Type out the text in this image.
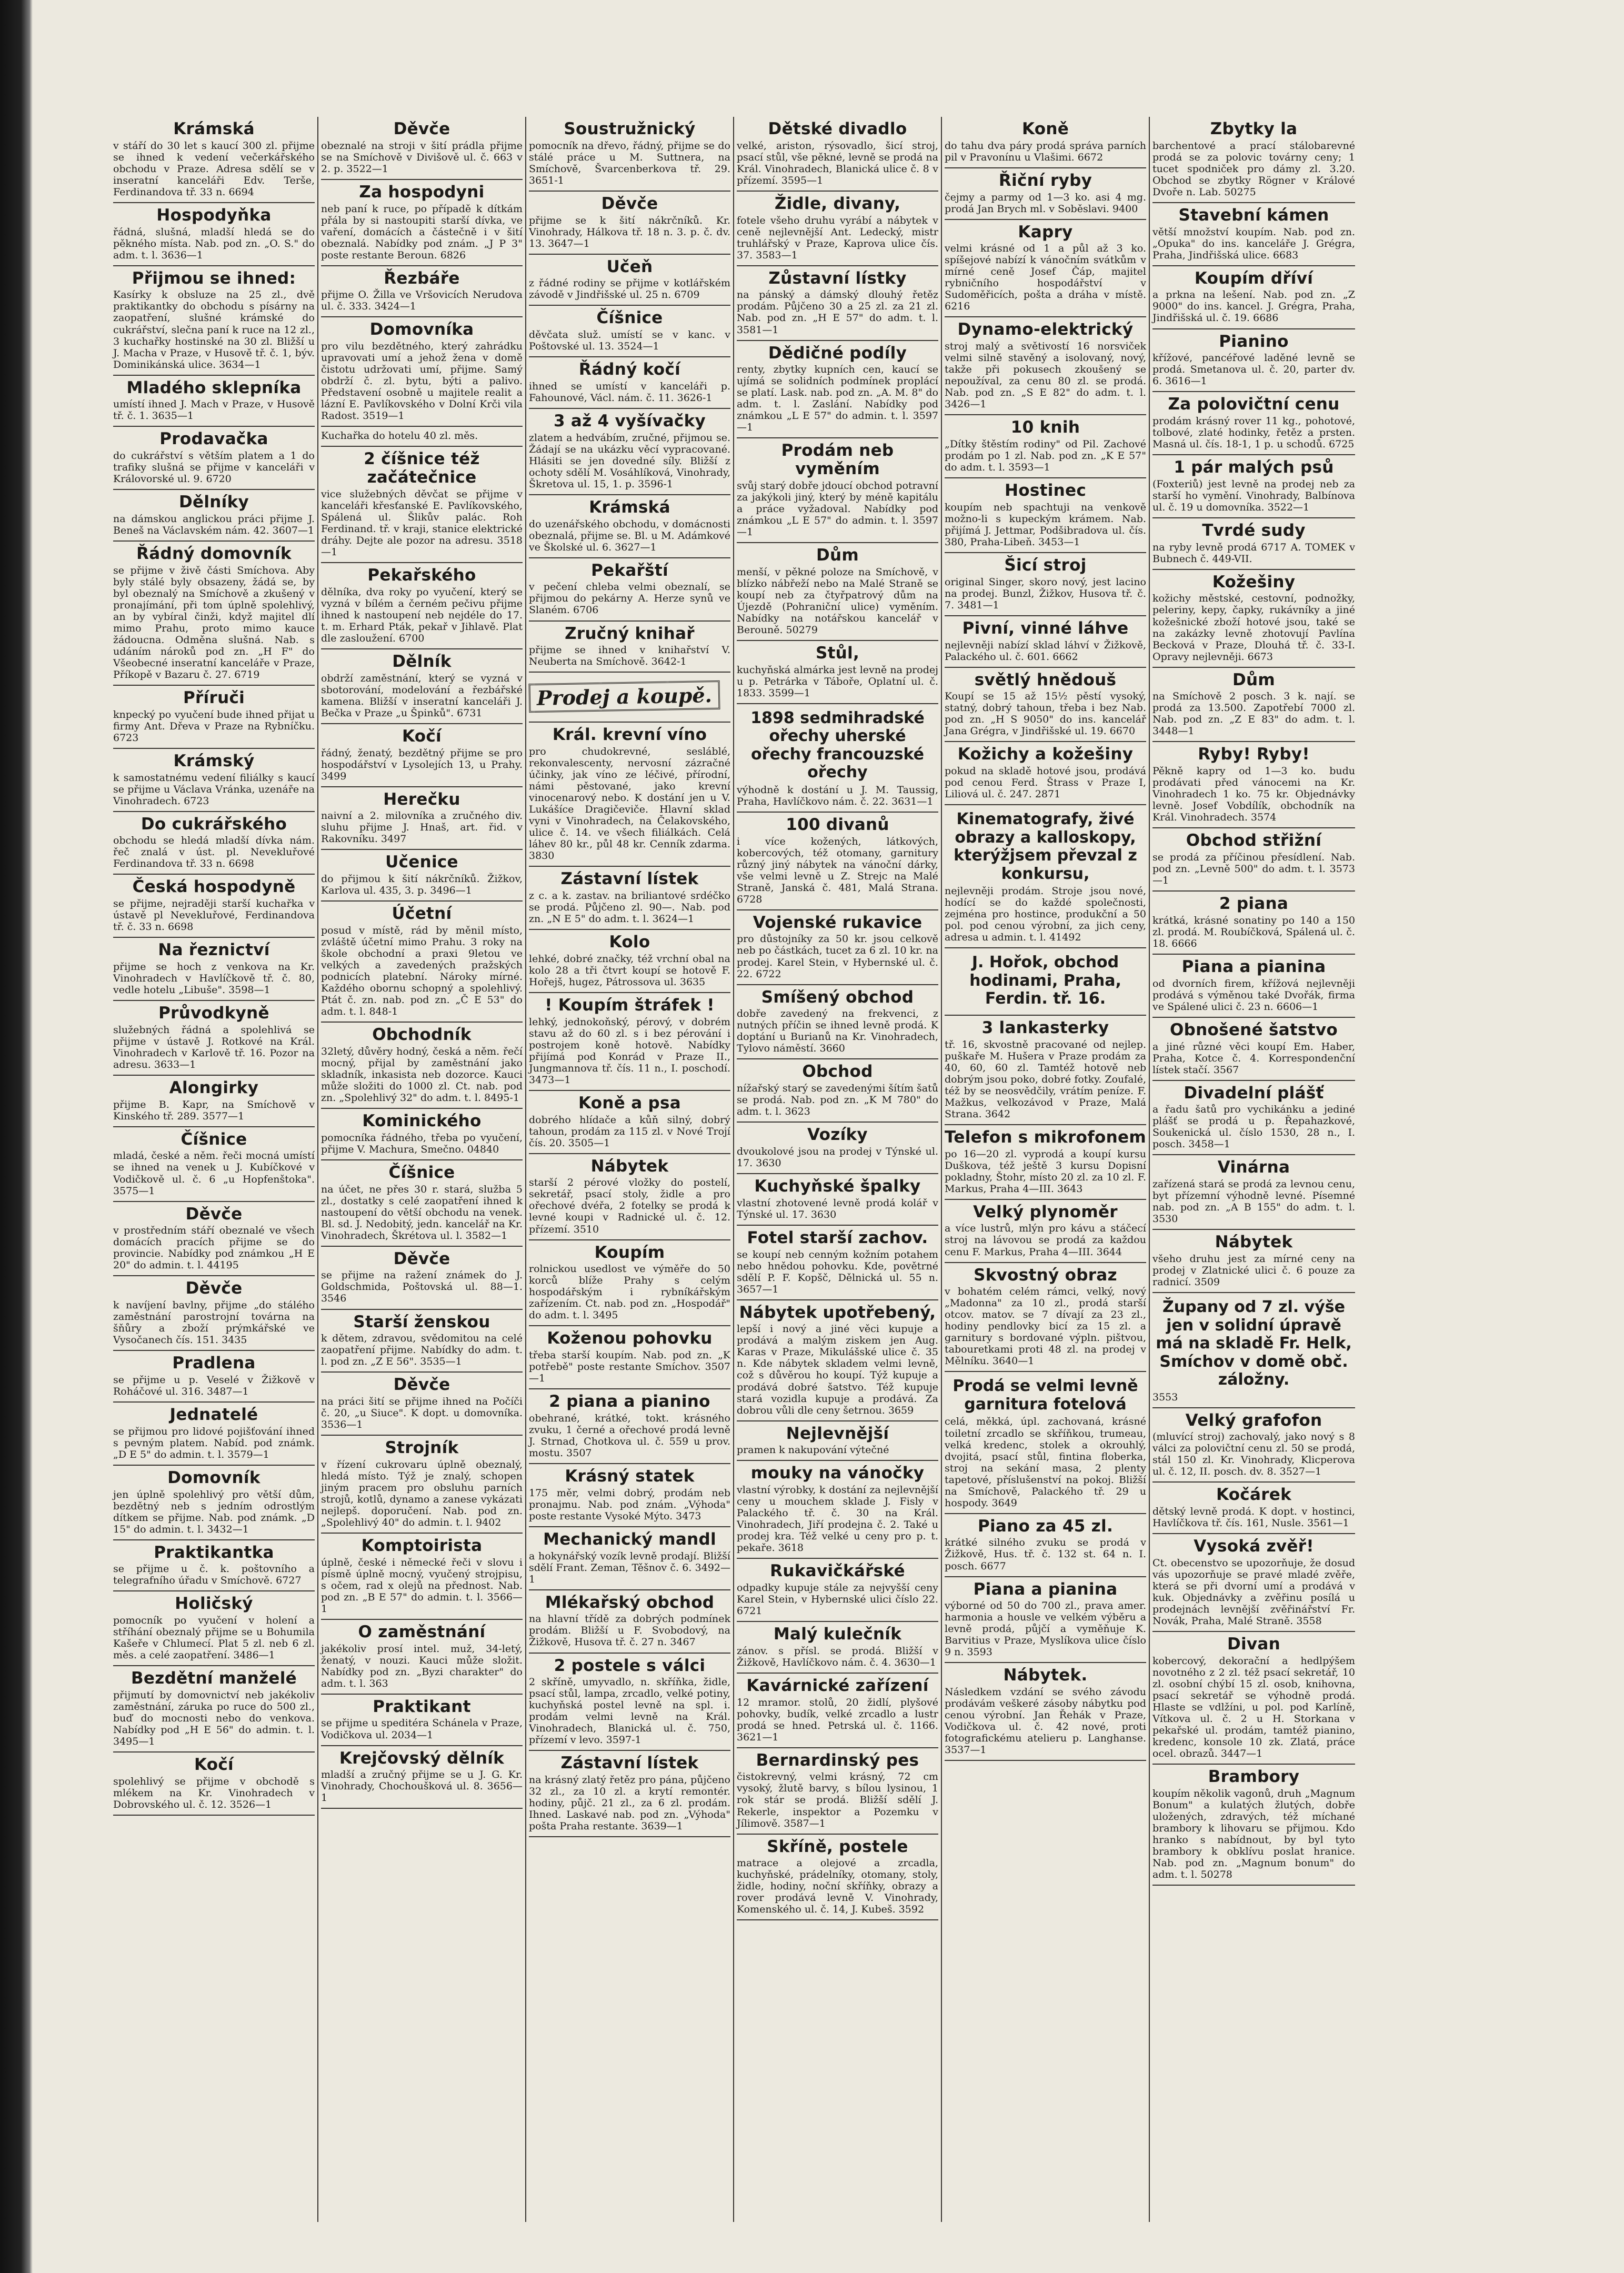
Krámská

v stáří do 30 let s kaucí 300 zl. přijme se ihned k vedení večerkářského obchodu v Praze. Adresa sdělí se v inseratní kanceláři Edv. Terše, Ferdinandova tř. 33 n. 6694

Hospodyňka

řádná, slušná, mladší hledá se do pěkného místa. Nab. pod zn. „O. S." do adm. t. l. 3636—1

Přijmou se ihned:

Kasírky k obsluze na 25 zl., dvě praktikantky do obchodu s písárny na zaopatření, slušné krámské do cukrářství, slečna paní k ruce na 12 zl., 3 kuchařky hostinské na 30 zl. Bližší u J. Macha v Praze, v Husově tř. č. 1, býv. Dominikánská ulice. 3634—1

Mladého sklepníka

umístí ihned J. Mach v Praze, v Husově tř. č. 1. 3635—1

Prodavačka

do cukrářství s větším platem a 1 do trafiky slušná se přijme v kanceláři v Královorské ul. 9. 6720

Dělníky

na dámskou anglickou práci přijme J. Beneš na Václavském nám. 42. 3607—1

Řádný domovník

se přijme v živě části Smíchova. Aby byly stálé byly obsazeny, žádá se, by byl obeznalý na Smíchově a zkušený v pronajímání, při tom úplně spolehlivý, an by vybíral činži, když majitel dlí mimo Prahu, proto mimo kauce žádoucna. Odměna slušná. Nab. s udáním nároků pod zn. „H F" do Všeobecné inseratní kanceláře v Praze, Příkopě v Bazaru č. 27. 6719

Příruči

knpecký po vyučení bude ihned přijat u firmy Ant. Dřeva v Praze na Rybníčku. 6723

Krámský

k samostatnému vedení filiálky s kaucí se přijme u Václava Vránka, uzenáře na Vinohradech. 6723

Do cukrářského

obchodu se hledá mladší dívka nám. řeč znalá v úst. pl. Nevekluřové Ferdinandova tř. 33 n. 6698

Česká hospodyně

se přijme, nejraději starší kuchařka v ústavě pl Nevekluřové, Ferdinandova tř. č. 33 n. 6698

Na řeznictví

přijme se hoch z venkova na Kr. Vinohradech v Havlíčkově tř. č. 80, vedle hotelu „Libuše". 3598—1

Průvodkyně

služebných řádná a spolehlivá se přijme v ústavě J. Rotkové na Král. Vinohradech v Karlově tř. 16. Pozor na adresu. 3633—1

Alongirky

přijme B. Kapr, na Smíchově v Kinského tř. 289. 3577—1

Číšnice

mladá, české a něm. řeči mocná umístí se ihned na venek u J. Kubíčkové v Vodičkově ul. č. 6 „u Hopfenštoka". 3575—1

Děvče

v prostředním stáří obeznalé ve všech domácích pracích přijme se do provincie. Nabídky pod známkou „H E 20" do admin. t. l. 44195

Děvče

k navíjení bavlny, přijme „do stálého zaměstnání parostrojní továrna na šňůry a zboží prýmkářské ve Vysočanech čís. 151. 3435

Pradlena

se přijme u p. Veselé v Žižkově v Roháčové ul. 316. 3487—1

Jednatelé

se přijmou pro lidové pojišťování ihned s pevným platem. Nabíd. pod známk. „D E 5" do admin. t. l. 3579—1

Domovník

jen úplně spolehlivý pro větší dům, bezdětný neb s jedním odrostlým dítkem se přijme. Nab. pod známk. „D 15" do admin. t. l. 3432—1

Praktikantka

se přijme u č. k. poštovního a telegrafního úřadu v Smíchově. 6727

Holičský

pomocník po vyučení v holení a stříhání obeznalý přijme se u Bohumila Kašeře v Chlumecí. Plat 5 zl. neb 6 zl. měs. a celé zaopatření. 3486—1

Bezdětní manželé

přijmutí by domovnictví neb jakékoliv zaměstnání, záruka po ruce do 500 zl., buď do mocnosti nebo do venkova. Nabídky pod „H E 56" do admin. t. l. 3495—1

Kočí

spolehlivý se přijme v obchodě s mlékem na Kr. Vinohradech v Dobrovského ul. č. 12. 3526—1

Děvče

obeznalé na stroji v šití prádla přijme se na Smíchově v Divišově ul. č. 663 v 2. p. 3522—1

Za hospodyni

neb paní k ruce, po případě k dítkám přála by si nastoupiti starší dívka, ve vaření, domácích a částečně i v šití obeznalá. Nabídky pod znám. „J P 3" poste restante Beroun. 6826

Řezbáře

přijme O. Žilla ve Vršovicích Nerudova ul. č. 333. 3424—1

Domovníka

pro vilu bezdětného, který zahrádku upravovati umí a jehož žena v domě čistotu udržovati umí, přijme. Samý obdrží č. zl. bytu, býti a palivo. Představení osobně u majitele realit a lázní E. Pavlíkovského v Dolní Krči vila Radost. 3519—1

Kuchařka do hotelu 40 zl. měs.

2 číšnice též začátečnice

vice služebných děvčat se přijme v kanceláři křesťanské E. Pavlíkovského, Spálená ul. Šlikův palác. Roh Ferdinand. tř. v kraji, stanice elektrické dráhy. Dejte ale pozor na adresu. 3518—1

Pekařského

dělníka, dva roky po vyučení, který se vyzná v bílém a černém pečivu přijme ihned k nastoupení neb nejdéle do 17. t. m. Erhard Pták, pekař v Jihlavě. Plat dle zasloužení. 6700

Dělník

obdrží zaměstnání, který se vyzná v sbotorování, modelování a řezbářské kamena. Bližší v inseratní kanceláři J. Bečka v Praze „u Špinků". 6731

Kočí

řádný, ženatý, bezdětný přijme se pro hospodářství v Lysolejích 13, u Prahy. 3499

Herečku

naivní a 2. milovníka a zručného div. sluhu přijme J. Hnaš, art. řid. v Rakovníku. 3497

Učenice

do přijmou k šití nákrčníků. Žižkov, Karlova ul. 435, 3. p. 3496—1

Účetní

posud v místě, rád by měnil místo, zvláště účetní mimo Prahu. 3 roky na škole obchodní a praxi 9letou ve velkých a zavedených pražských podnicích platební. Nároky mírné. Každého obornu schopný a spolehlivý. Ptát č. zn. nab. pod zn. „Č E 53" do adm. t. l. 848-1

Obchodník

32letý, důvěry hodný, česká a něm. řečí mocný, přijal by zaměstnání jako skladník, inkasista neb dozorce. Kauci může složiti do 1000 zl. Ct. nab. pod zn. „Spolehlivý 32" do adm. t. l. 8495-1

Kominického

pomocníka řádného, třeba po vyučení, přijme V. Machura, Smečno. 04840

Číšnice

na účet, ne přes 30 r. stará, služba 5 zl., dostatky s celé zaopatření ihned k nastoupení do větší obchodu na venek. Bl. sd. J. Nedobitý, jedn. kancelář na Kr. Vinohradech, Škrétova ul. l. 3582—1

Děvče

se přijme na ražení známek do J. Goldschmida, Poštovská ul. 88—1. 3546

Starší ženskou

k dětem, zdravou, svědomitou na celé zaopatření přijme. Nabídky do adm. t. l. pod zn. „Z E 56". 3535—1

Děvče

na práci šití se přijme ihned na Počíči č. 20, „u Siuce". K dopt. u domovníka. 3536—1

Strojník

v řízení cukrovaru úplně obeznalý, hledá místo. Týž je znalý, schopen jiným pracem pro obsluhu parních strojů, kotlů, dynamo a zanese vykázati nejlepš. doporučení. Nab. pod zn. „Spolehlivý 40" do admin. t. l. 9402

Komptoirista

úplně, české i německé řeči v slovu i písmě úplně mocný, vyučený strojpisu, s očem, rad x olejů na přednost. Nab. pod zn. „B E 57" do admin. t. l. 3566—1

O zaměstnání

jakékoliv prosí intel. muž, 34-letý, ženatý, v nouzi. Kauci může složit. Nabídky pod zn. „Byzi charakter" do adm. t. l. 363

Praktikant

se přijme u speditéra Schánela v Praze, Vodičkova ul. 2034—1

Krejčovský dělník

mladší a zručný přijme se u J. G. Kr. Vinohrady, Chochoušková ul. 8. 3656—1

Soustružnický

pomocník na dřevo, řádný, přijme se do stálé práce u M. Suttnera, na Smíchově, Švarcenberkova tř. 29. 3651-1

Děvče

přijme se k šití nákrčníků. Kr. Vinohrady, Hálkova tř. 18 n. 3. p. č. dv. 13. 3647—1

Učeň

z řádné rodiny se přijme v kotlářském závodě v Jindřišské ul. 25 n. 6709

Číšnice

děvčata služ. umístí se v kanc. v Poštovské ul. 13. 3524—1

Řádný kočí

ihned se umístí v kanceláři p. Fahounové, Václ. nám. č. 11. 3626-1

3 až 4 vyšívačky

zlatem a hedvábím, zručné, přijmou se. Žádají se na ukázku věcí vypracované. Hlásiti se jen dovedné síly. Bližší z ochoty sdělí M. Vosáhlíková, Vinohrady, Škretova ul. 15, 1. p. 3596-1

Krámská

do uzenářského obchodu, v domácnosti obeznalá, přijme se. Bl. u M. Adámkové ve Školské ul. 6. 3627—1

Pekařští

v pečení chleba velmi obeznalí, se přijmou do pekárny A. Herze synů ve Slaném. 6706

Zručný knihař

přijme se ihned v knihařství V. Neuberta na Smíchově. 3642-1

Prodej a koupě.
Král. krevní víno

pro chudokrevné, sesláblé, rekonvalescenty, nervosní zázračné účinky, jak víno ze léčivé, přírodní, námi pěstované, jako krevní vinocenarový nebo. K dostání jen u V. Lukášíce Dragičeviče. Hlavní sklad vyni v Vinohradech, na Čelakovského, ulice č. 14. ve všech filiálkách. Celá láhev 80 kr., půl 48 kr. Cenník zdarma. 3830

Zástavní lístek

z c. a k. zastav. na briliantové srdéčko se prodá. Půjčeno zl. 90—. Nab. pod zn. „N E 5" do adm. t. l. 3624—1

Kolo

lehké, dobré značky, též vrchní obal na kolo 28 a tři čtvrt koupí se hotově F. Hořejš, hugez, Pátrossova ul. 3635

! Koupím štráfek !

lehký, jednokoňský, pérový, v dobrém stavu až do 60 zl. s i bez pérování i postrojem koně hotově. Nabídky přijímá pod Konrád v Praze II., Jungmannova tř. čís. 11 n., I. poschodí. 3473—1

Koně a psa

dobrého hlídače a kůň silný, dobrý tahoun, prodám za 115 zl. v Nové Trojí čís. 20. 3505—1

Nábytek

starší 2 pérové vložky do postelí, sekretář, psací stoly, židle a pro ořechové dvéřa, 2 fotelky se prodá k levné koupi v Radnické ul. č. 12. přízemí. 3510

Koupím

rolnickou usedlost ve výměře do 50 korců blíže Prahy s celým hospodářským i rybníkářským zařízením. Ct. nab. pod zn. „Hospodář" do adm. t. l. 3495

Koženou pohovku

třeba starší koupím. Nab. pod zn. „K potřebě" poste restante Smíchov. 3507—1

2 piana a pianino

obehrané, krátké, tokt. krásného zvuku, 1 černé a ořechové prodá levně J. Strnad, Chotkova ul. č. 559 u prov. mostu. 3507

Krásný statek

175 měr, velmi dobrý, prodám neb pronajmu. Nab. pod znám. „Výhoda" poste restante Vysoké Mýto. 3473

Mechanický mandl

a hokynářský vozík levně prodají. Bližší sdělí Frant. Zeman, Těšnov č. 6. 3492—1

Mlékařský obchod

na hlavní třídě za dobrých podmínek prodám. Bližší u F. Svobodový, na Žižkově, Husova tř. č. 27 n. 3467

2 postele s válci

2 skříně, umyvadlo, n. skříňka, židle, psací stůl, lampa, zrcadlo, velké potiny, kuchyňská postel levně na spl. i. prodám velmi levně na Král. Vinohradech, Blanická ul. č. 750, přízemí v levo. 3597-1

Zástavní lístek

na krásný zlatý řetěz pro pána, půjčeno 32 zl., za 10 zl. a krytí remontér. hodiny, půjč. 21 zl., za 6 zl. prodám. Ihned. Laskavé nab. pod zn. „Výhoda" pošta Praha restante. 3639—1

Dětské divadlo

velké, ariston, rýsovadlo, šicí stroj, psací stůl, vše pěkné, levně se prodá na Král. Vinohradech, Blanická ulice č. 8 v přízemí. 3595—1

Židle, divany,

fotele všeho druhu vyrábí a nábytek v ceně nejlevnější Ant. Ledecký, mistr truhlářský v Praze, Kaprova ulice čís. 37. 3583—1

Zůstavní lístky

na pánský a dámský dlouhý řetěz prodám. Půjčeno 30 a 25 zl. za 21 zl. Nab. pod zn. „H E 57" do adm. t. l. 3581—1

Dědičné podíly

renty, zbytky kupních cen, kaucí se ujímá se solidních podmínek proplácí se platí. Lask. nab. pod zn. „A. M. 8" do adm. t. l. Zaslání. Nabídky pod známkou „L E 57" do admin. t. l. 3597—1

Prodám neb vyměním

svůj starý dobře jdoucí obchod potravní za jakýkoli jiný, který by méně kapitálu a práce vyžadoval. Nabídky pod známkou „L E 57" do admin. t. l. 3597—1

Dům

menší, v pěkné poloze na Smíchově, v blízko nábřeží nebo na Malé Straně se koupí neb za čtyřpatrový dům na Újezdě (Pohraniční ulice) vyměním. Nabídky na notářskou kancelář v Berouně. 50279

Stůl,

kuchyňská almárka jest levně na prodej u p. Petrárka v Táboře, Oplatní ul. č. 1833. 3599—1

1898 sedmihradské ořechy uherské ořechy francouzské ořechy

výhodně k dostání u J. M. Taussig, Praha, Havlíčkovo nám. č. 22. 3631—1

100 divanů

i více kožených, látkových, kobercových, též otomany, garnitury různý jiný nábytek na vánoční dárky, vše velmi levně u Z. Strejc na Malé Straně, Janská č. 481, Malá Strana. 6728

Vojenské rukavice

pro důstojníky za 50 kr. jsou celkově neb po částkách, tucet za 6 zl. 10 kr. na prodej. Karel Stein, v Hybernské ul. č. 22. 6722

Smíšený obchod

dobře zavedený na frekvenci, z nutných příčin se ihned levně prodá. K doptání u Burianů na Kr. Vinohradech, Tylovo náměstí. 3660

Obchod

nížařský starý se zavedenými šítím šatů se prodá. Nab. pod zn. „K M 780" do adm. t. l. 3623

Vozíky

dvoukolové jsou na prodej v Týnské ul. 17. 3630

Kuchyňské špalky

vlastní zhotovené levně prodá kolář v Týnské ul. 17. 3630

Fotel starší zachov.

se koupí neb cenným kožním potahem nebo hnědou pohovku. Kde, povětrné sdělí P. F. Kopšč, Dělnická ul. 55 n. 3657—1

Nábytek upotřebený,

lepší i nový a jiné věci kupuje a prodává a malým ziskem jen Aug. Karas v Praze, Mikulášské ulice č. 35 n. Kde nábytek skladem velmi levně, což s důvěrou ho koupí. Týž kupuje a prodává dobré šatstvo. Též kupuje stará vozidla kupuje a prodává. Za dobrou vůli dle ceny šetrnou. 3659

Nejlevnější

pramen k nakupování výtečné

mouky na vánočky

vlastní výrobky, k dostání za nejlevnější ceny u mouchem sklade J. Fisly v Palackého tř. č. 30 na Král. Vinohradech, Jiří prodejna č. 2. Také u prodej kra. Též velké u ceny pro p. t. pekaře. 3618

Rukavičkářské

odpadky kupuje stále za nejvyšší ceny Karel Stein, v Hybernské ulici číslo 22. 6721

Malý kulečník

zánov. s přísl. se prodá. Bližší v Žižkově, Havlíčkovo nám. č. 4. 3630—1

Kavárnické zařízení

12 mramor. stolů, 20 židlí, plyšové pohovky, budík, velké zrcadlo a lustr prodá se hned. Petrská ul. č. 1166. 3621—1

Bernardinský pes

čistokrevný, velmi krásný, 72 cm vysoký, žlutě barvy, s bílou lysinou, 1 rok stár se prodá. Bližší sdělí J. Rekerle, inspektor a Pozemku v Jílimově. 3587—1

Skříně, postele

matrace a olejové a zrcadla, kuchyňské, prádelníky, otomany, stoly, židle, hodiny, noční skříňky, obrazy a rover prodává levně V. Vinohrady, Komenského ul. č. 14, J. Kubeš. 3592

Koně

do tahu dva páry prodá správa parních pil v Pravonínu u Vlašimi. 6672

Řiční ryby

čejmy a parmy od 1—3 ko. asi 4 mg. prodá Jan Brych ml. v Soběslavi. 9400

Kapry

velmi krásné od 1 a půl až 3 ko. spíšejové nabízí k vánočním svátkům v mírné ceně Josef Čáp, majitel rybničního hospodářství v Sudoměřicích, pošta a dráha v místě. 6216

Dynamo-elektrický

stroj malý a světivostí 16 norsviček velmi silně stavěný a isolovaný, nový, takže při pokusech zkoušený se nepoužíval, za cenu 80 zl. se prodá. Nab. pod zn. „S E 82" do adm. t. l. 3426—1

10 knih

„Dítky štěstím rodiny" od Pil. Zachové prodám po 1 zl. Nab. pod zn. „K E 57" do adm. t. l. 3593—1

Hostinec

koupím neb spachtuji na venkově možno-li s kupeckým krámem. Nab. přijímá J. Jettmar, Podšibradova ul. čís. 380, Praha-Libeň. 3453—1

Šicí stroj

original Singer, skoro nový, jest lacino na prodej. Bunzl, Žižkov, Husova tř. č. 7. 3481—1

Pivní, vinné láhve

nejlevněji nabízí sklad láhví v Žižkově, Palackého ul. č. 601. 6662

světlý hnědouš

Koupí se 15 až 15½ pěstí vysoký, statný, dobrý tahoun, třeba i bez Nab. pod zn. „H S 9050" do ins. kancelář Jana Grégra, v Jindřišské ul. 19. 6670

Kožichy a kožešiny

pokud na skladě hotové jsou, prodává pod cenou Ferd. Štrass v Praze I, Liliová ul. č. 247. 2871

Kinematografy, živé obrazy a kalloskopy, kterýžjsem převzal z konkursu,

nejlevněji prodám. Stroje jsou nové, hodící se do každé společnosti, zejména pro hostince, produkční a 50 pol. pod cenou výrobní, za jich ceny, adresa u admin. t. l. 41492

J. Hořok, obchod hodinami, Praha, Ferdin. tř. 16.
3 lankasterky

tř. 16, skvostně pracované od nejlep. puškaře M. Hušera v Praze prodám za 40, 60, 60 zl. Tamtéž hotově neb dobrým jsou poko, dobré fotky. Zoufalé, též by se neosvědčily, vrátím peníze. F. Mažkus, velkozávod v Praze, Malá Strana. 3642

Telefon s mikrofonem

po 16—20 zl. vyprodá a koupí kursu Duškova, též ještě 3 kursu Dopisní pokladny, Štohr, místo 20 zl. za 10 zl. F. Markus, Praha 4—III. 3643

Velký plynoměr

a více lustrů, mlýn pro kávu a stáčecí stroj na lávovou se prodá za každou cenu F. Markus, Praha 4—III. 3644

Skvostný obraz

v bohatém celém rámci, velký, nový „Madonna" za 10 zl., prodá starší otcov. matov. se 7 dívají za 23 zl., hodiny pendlovky bicí za 15 zl. a garnitury s bordované výpln. pištvou, tabouretkami proti 48 zl. na prodej v Mělníku. 3640—1

Prodá se velmi levně garnitura fotelová

celá, měkká, úpl. zachovaná, krásné toiletní zrcadlo se skříňkou, trumeau, velká kredenc, stolek a okrouhlý, dvojitá, psací stůl, fintina floberka, stroj na sekání masa, 2 plenty tapetové, příslušenství na pokoj. Bližší na Smíchově, Palackého tř. 29 u hospody. 3649

Piano za 45 zl.

krátké silného zvuku se prodá v Žižkově, Hus. tř. č. 132 st. 64 n. I. posch. 6677

Piana a pianina

výborné od 50 do 700 zl., prava amer. harmonia a housle ve velkém výběru a levně prodá, půjčí a vyměňuje K. Barvitius v Praze, Myslíkova ulice číslo 9 n. 3593

Nábytek.

Následkem vzdání se svého závodu prodávám veškeré zásoby nábytku pod cenou výrobní. Jan Řehák v Praze, Vodičkova ul. č. 42 nové, proti fotografickému atelieru p. Langhanse. 3537—1

Zbytky la

barchentové a prací stálobarevné prodá se za polovic továrny ceny; 1 tucet spodniček pro dámy zl. 3.20. Obchod se zbytky Rögner v Králové Dvoře n. Lab. 50275

Stavební kámen

větší množství koupím. Nab. pod zn. „Opuka" do ins. kanceláře J. Grégra, Praha, Jindřišská ulice. 6683

Koupím dříví

a prkna na lešení. Nab. pod zn. „Z 9000" do ins. kancel. J. Grégra, Praha, Jindřišská ul. č. 19. 6686

Pianino

křížové, pancéřové laděné levně se prodá. Smetanova ul. č. 20, parter dv. 6. 3616—1

Za polovičtní cenu

prodám krásný rover 11 kg., pohotové, tolbové, zlaté hodinky, řetěz a prsten. Masná ul. čís. 18-1, 1 p. u schodů. 6725

1 pár malých psů

(Foxteriů) jest levně na prodej neb za starší ho vymění. Vinohrady, Balbínova ul. č. 19 u domovníka. 3522—1

Tvrdé sudy

na ryby levně prodá 6717 A. TOMEK v Bubnech č. 449-VII.

Kožešiny

kožichy městské, cestovní, podnožky, peleriny, kepy, čapky, rukávníky a jiné kožešnické zboží hotové jsou, také se na zakázky levně zhotovují Pavlína Becková v Praze, Dlouhá tř. č. 33-I. Opravy nejlevněji. 6673

Dům

na Smíchově 2 posch. 3 k. nají. se prodá za 13.500. Zapotřebí 7000 zl. Nab. pod zn. „Z E 83" do adm. t. l. 3448—1

Ryby! Ryby!

Pěkně kapry od 1—3 ko. budu prodávati před vánocemi na Kr. Vinohradech 1 ko. 75 kr. Objednávky levně. Josef Vobdílík, obchodník na Král. Vinohradech. 3574

Obchod střižní

se prodá za příčinou přesídlení. Nab. pod zn. „Levně 500" do adm. t. l. 3573—1

2 piana

krátká, krásné sonatiny po 140 a 150 zl. prodá. M. Roubíčková, Spálená ul. č. 18. 6666

Piana a pianina

od dvorních firem, křížová nejlevněji prodává s výměnou také Dvořák, firma ve Spálené ulici č. 23 n. 6606—1

Obnošené šatstvo

a jiné různé věci koupí Em. Haber, Praha, Kotce č. 4. Korrespondenční lístek stačí. 3567

Divadelní plášť

a řadu šatů pro vychikánku a jediné plášť se prodá u p. Řepahazkové, Soukenická ul. číslo 1530, 28 n., I. posch. 3458—1

Vinárna

zařízená stará se prodá za levnou cenu, byt přízemní výhodně levné. Písemné nab. pod zn. „A B 155" do adm. t. l. 3530

Nábytek

všeho druhu jest za mírné ceny na prodej v Zlatnické ulici č. 6 pouze za radnicí. 3509

Župany od 7 zl. výše jen v solidní úpravě má na skladě Fr. Helk, Smíchov v domě obč. záložny.

3553

Velký grafofon

(mluvící stroj) zachovalý, jako nový s 8 válci za polovičtní cenu zl. 50 se prodá, stál 150 zl. Kr. Vinohrady, Klicperova ul. č. 12, II. posch. dv. 8. 3527—1

Kočárek

dětský levně prodá. K dopt. v hostinci, Havlíčkova tř. čís. 161, Nusle. 3561—1

Vysoká zvěř!

Ct. obecenstvo se upozorňuje, že dosud vás upozorňuje se pravé mladé zvěře, která se při dvorní umí a prodává v kuk. Objednávky a zvěřinu posílá u prodejnách levnější zvěřinářství Fr. Novák, Praha, Malé Straně. 3558

Divan

kobercový, dekorační a hedlpýšem novotného z 2 zl. též psací sekretář, 10 zl. osobní chýbí 15 zl. osob, knihovna, psací sekretář se výhodně prodá. Hlaste se vdlžíni, u pol. pod Karlíně, Vítkova ul. č. 2 u H. Storkana v pekařské ul. prodám, tamtéž pianino, kredenc, konsole 10 zk. Zlatá, práce ocel. obrazů. 3447—1

Brambory

koupím několik vagonů, druh „Magnum Bonum" a kulatých žlutých, dobře uložených, zdravých, též míchané brambory k lihovaru se přijmou. Kdo hranko s nabídnout, by byl tyto brambory k obklívu poslat hranice. Nab. pod zn. „Magnum bonum" do adm. t. l. 50278
